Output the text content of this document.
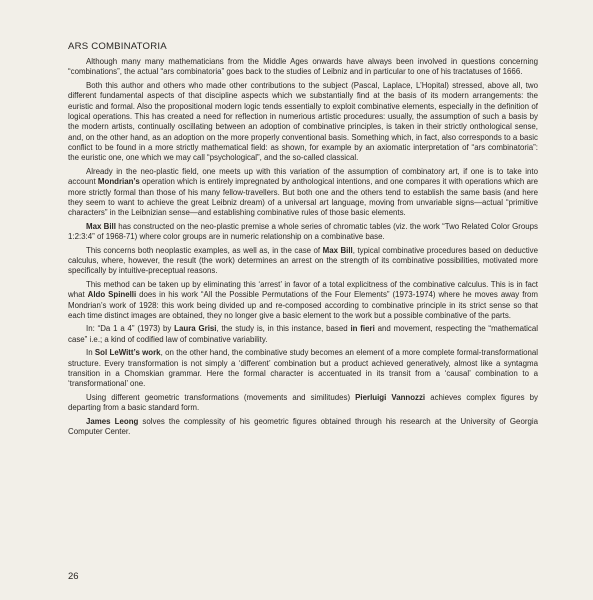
ARS COMBINATORIA

Although many many mathematicians from the Middle Ages onwards have always been involved in questions concerning “combinations”, the actual “ars combinatoria” goes back to the studies of Leibniz and in particular to one of his tractatuses of 1666.

Both this author and others who made other contributions to the subject (Pascal, Laplace, L’Hopital) stressed, above all, two different fundamental aspects of that discipline aspects which we substantially find at the basis of its modern arrangements: the euristic and formal. Also the propositional modern logic tends essentially to exploit combinative elements, especially in the definition of logical operations. This has created a need for reflection in numerious artistic procedures: usually, the assumption of such a basis by the modern artists, continually oscillating between an adoption of combinative principles, is taken in their strictly onthological sense, and, on the other hand, as an adoption on the more properly conventional basis. Something which, in fact, also corresponds to a basic conflict to be found in a more strictly mathematical field: as shown, for example by an axiomatic interpretation of “ars combinatoria”: the euristic one, one which we may call “psychological”, and the so-called classical.

Already in the neo-plastic field, one meets up with this variation of the assumption of combinatory art, if one is to take into account Mondrian’s operation which is entirely impregnated by anthological intentions, and one compares it with operations which are more strictly formal than those of his many fellow-travellers. But both one and the others tend to establish the same basis (and here they seem to want to achieve the great Leibniz dream) of a universal art language, moving from unvariable signs—actual “primitive characters” in the Leibnizian sense—and establishing combinative rules of those basic elements.

Max Bill has constructed on the neo-plastic premise a whole series of chromatic tables (viz. the work “Two Related Color Groups 1:2:3:4” of 1968-71) where color groups are in numeric relationship on a combinative base.

This concerns both neoplastic examples, as well as, in the case of Max Bill, typical combinative procedures based on deductive calculus, where, however, the result (the work) determines an arrest on the strength of its combinative possibilities, motivated more specifically by intuitive-preceptual reasons.

This method can be taken up by eliminating this ‘arrest’ in favor of a total explicitness of the combinative calculus. This is in fact what Aldo Spinelli does in his work “All the Possible Permutations of the Four Elements” (1973-1974) where he moves away from Mondrian’s work of 1928: this work being divided up and re-composed according to combinative principle in its strict sense so that each time distinct images are obtained, they no longer give a basic element to the work but a possible combinative of the parts.

In: “Da 1 a 4” (1973) by Laura Grisi, the study is, in this instance, based in fieri and movement, respecting the “mathematical case” i.e.; a kind of codified law of combinative variability.

In Sol LeWitt’s work, on the other hand, the combinative study becomes an element of a more complete formal-transformational structure. Every transformation is not simply a ‘different’ combination but a product achieved generatively, almost like a syntagma transition in a Chomskian grammar. Here the formal character is accentuated in its transit from a ‘causal’ combination to a ‘transformational’ one.

Using different geometric transformations (movements and similitudes) Pierluigi Vannozzi achieves complex figures by departing from a basic standard form.

James Leong solves the complessity of his geometric figures obtained through his research at the University of Georgia Computer Center.

26
